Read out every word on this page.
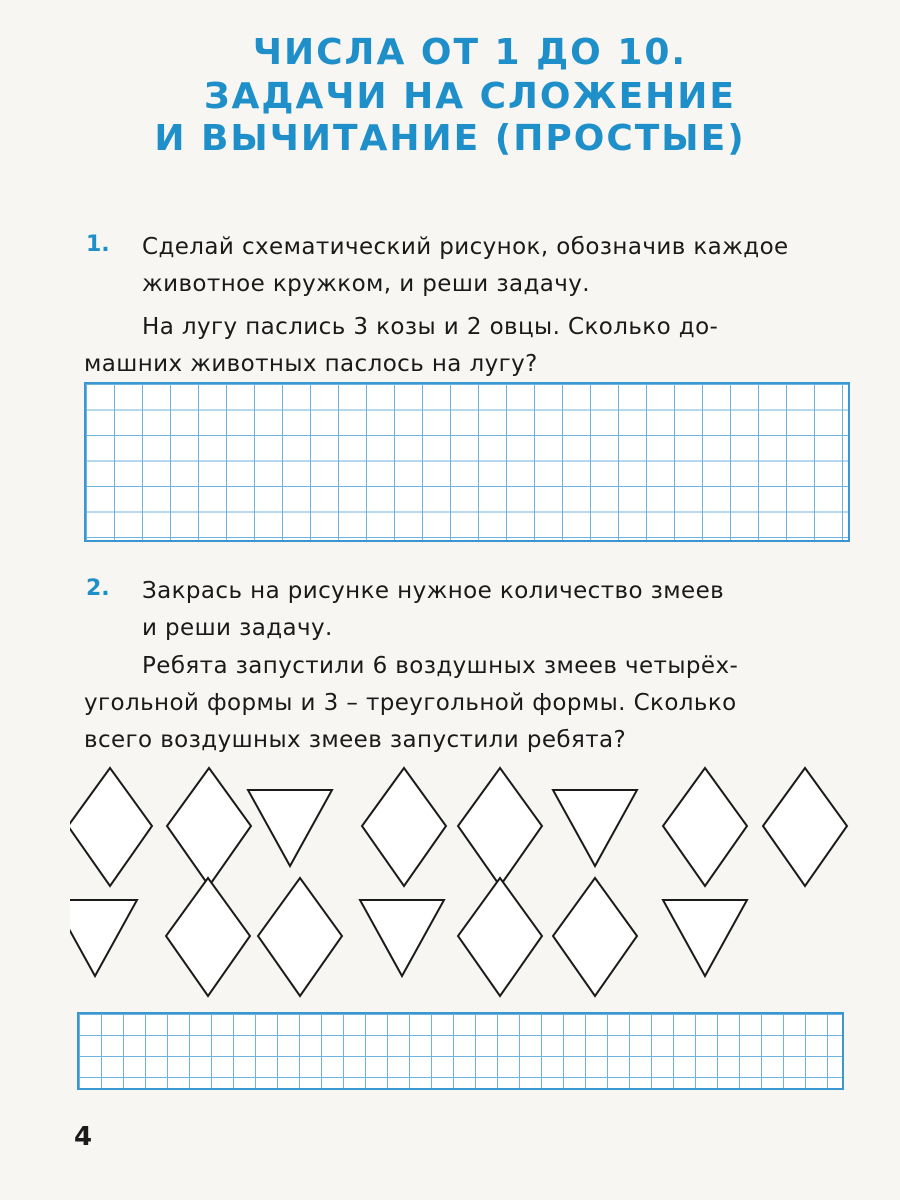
ЧИСЛА ОТ 1 ДО 10.
ЗАДАЧИ НА СЛОЖЕНИЕ
И ВЫЧИТАНИЕ (ПРОСТЫЕ)
1. Сделай схематический рисунок, обозначив каждое
животное кружком, и реши задачу.
На лугу паслись 3 козы и 2 овцы. Сколько до-
машних животных паслось на лугу?
2. Закрась на рисунке нужное количество змеев
и реши задачу.
Ребята запустили 6 воздушных змеев четырёх-
угольной формы и 3 – треугольной формы. Сколько
всего воздушных змеев запустили ребята?
4
